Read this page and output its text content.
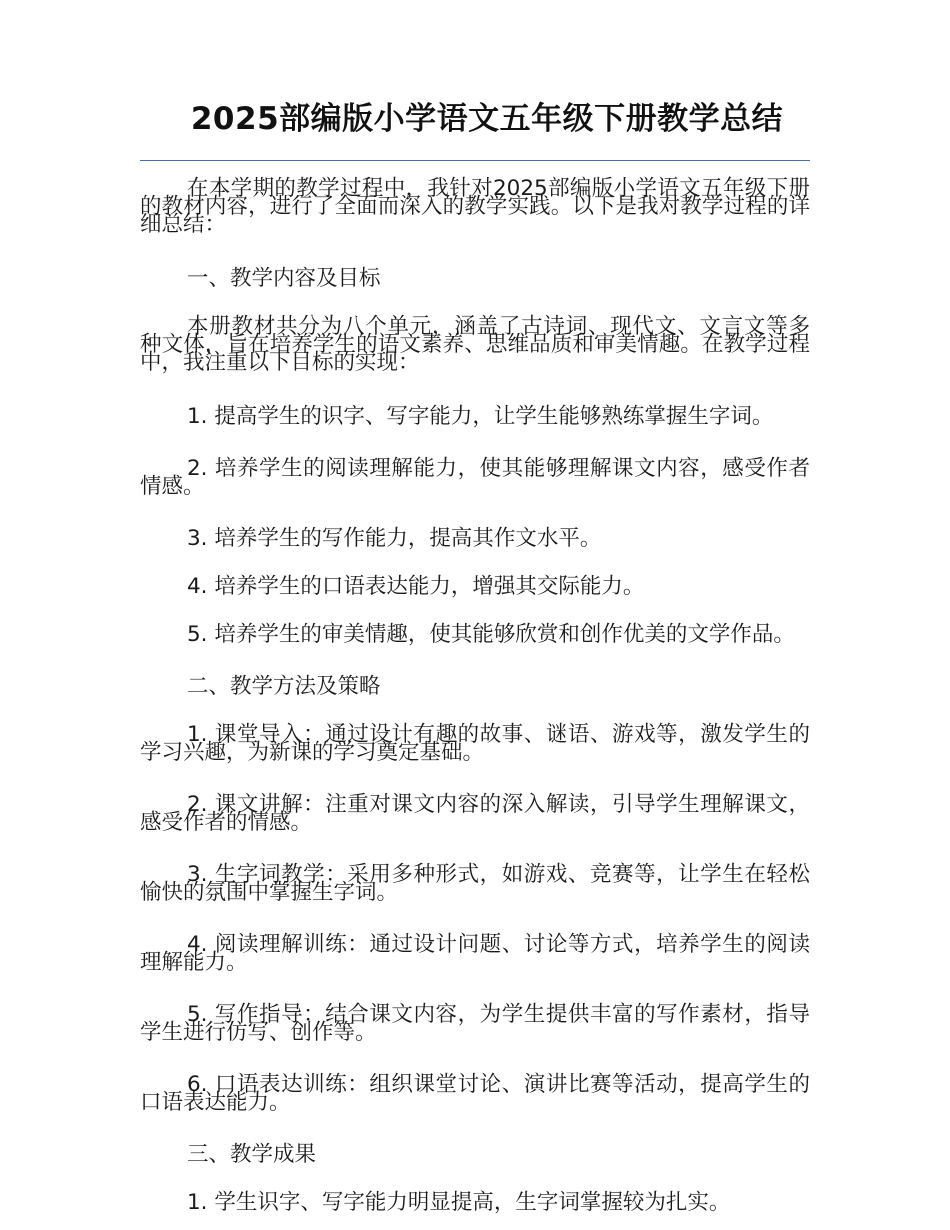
2025部编版小学语文五年级下册教学总结

在本学期的教学过程中，我针对2025部编版小学语文五年级下册的教材内容，进行了全面而深入的教学实践。以下是我对教学过程的详细总结：

一、教学内容及目标

本册教材共分为八个单元，涵盖了古诗词、现代文、文言文等多种文体，旨在培养学生的语文素养、思维品质和审美情趣。在教学过程中，我注重以下目标的实现：

1. 提高学生的识字、写字能力，让学生能够熟练掌握生字词。

2. 培养学生的阅读理解能力，使其能够理解课文内容，感受作者情感。

3. 培养学生的写作能力，提高其作文水平。

4. 培养学生的口语表达能力，增强其交际能力。

5. 培养学生的审美情趣，使其能够欣赏和创作优美的文学作品。

二、教学方法及策略

1. 课堂导入：通过设计有趣的故事、谜语、游戏等，激发学生的学习兴趣，为新课的学习奠定基础。

2. 课文讲解：注重对课文内容的深入解读，引导学生理解课文，感受作者的情感。

3. 生字词教学：采用多种形式，如游戏、竞赛等，让学生在轻松愉快的氛围中掌握生字词。

4. 阅读理解训练：通过设计问题、讨论等方式，培养学生的阅读理解能力。

5. 写作指导：结合课文内容，为学生提供丰富的写作素材，指导学生进行仿写、创作等。

6. 口语表达训练：组织课堂讨论、演讲比赛等活动，提高学生的口语表达能力。

三、教学成果

1. 学生识字、写字能力明显提高，生字词掌握较为扎实。
